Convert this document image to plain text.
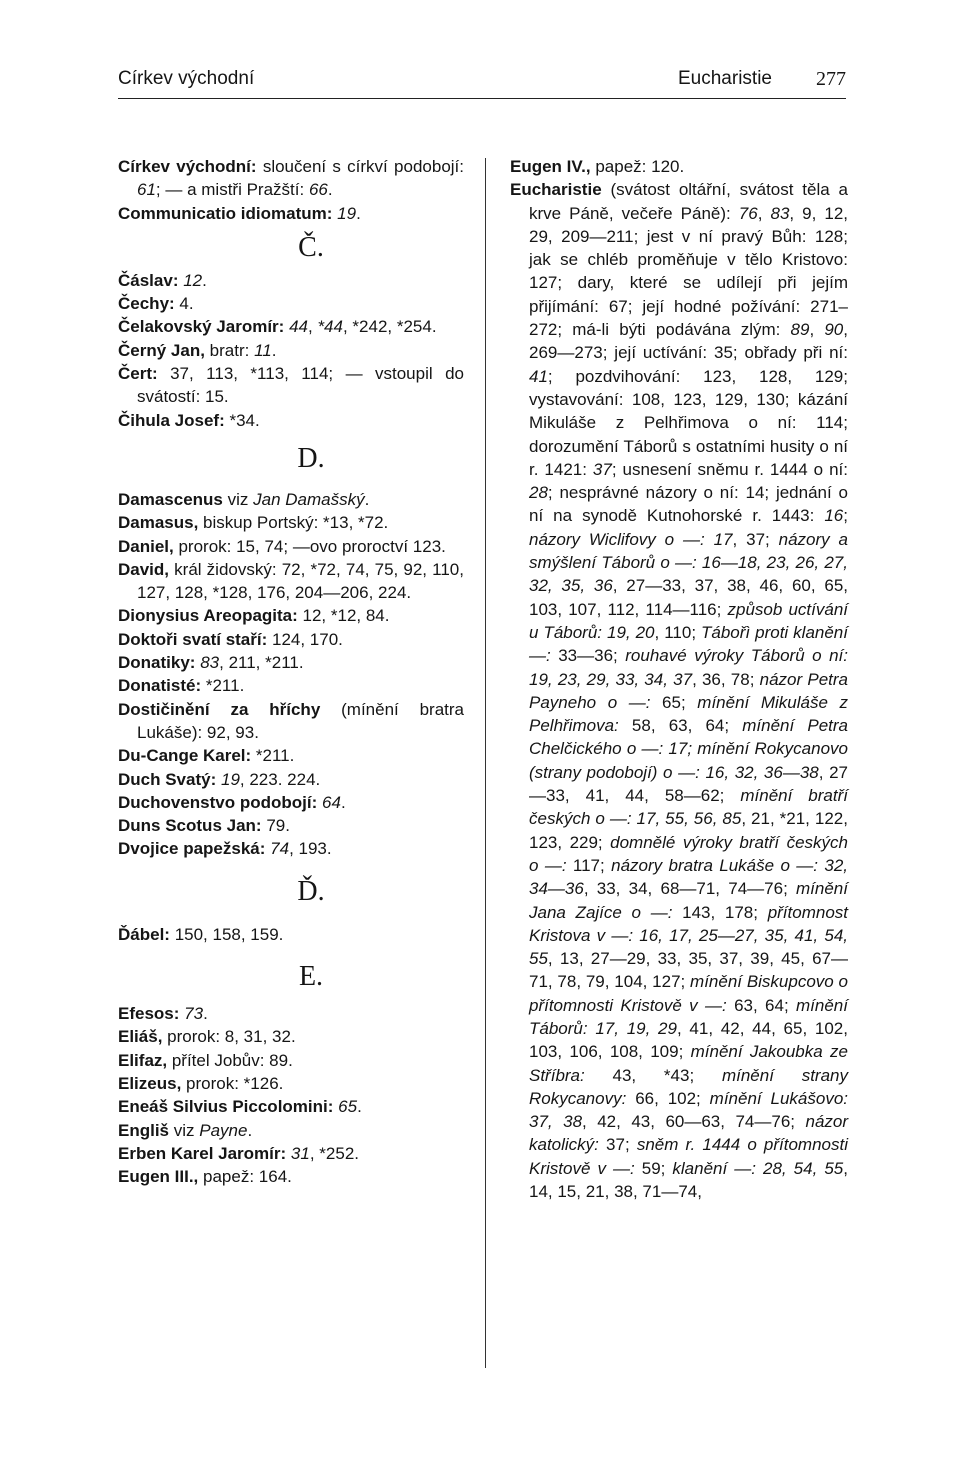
Církev východní	Eucharistie 277
Církev východní: sloučení s církví podobojí: 61; — a mistři Pražští: 66.
Communicatio idiomatum: 19.
Č.
Čáslav: 12.
Čechy: 4.
Čelakovský Jaromír: 44, *44, *242, *254.
Černý Jan, bratr: 11.
Čert: 37, 113, *113, 114; — vstoupil do svátostí: 15.
Čihula Josef: *34.
D.
Damascenus viz Jan Damašský.
Damasus, biskup Portský: *13, *72.
Daniel, prorok: 15, 74; —ovo proroctví 123.
David, král židovský: 72, *72, 74, 75, 92, 110, 127, 128, *128, 176, 204—206, 224.
Dionysius Areopagita: 12, *12, 84.
Doktoři svatí staří: 124, 170.
Donatiky: 83, 211, *211.
Donatisté: *211.
Dostičinění za hříchy (mínění bratra Lukáše): 92, 93.
Du-Cange Karel: *211.
Duch Svatý: 19, 223. 224.
Duchovenstvo podobojí: 64.
Duns Scotus Jan: 79.
Dvojice papežská: 74, 193.
Ď.
Ďábel: 150, 158, 159.
E.
Efesos: 73.
Eliáš, prorok: 8, 31, 32.
Elifaz, přítel Jobův: 89.
Elizeus, prorok: *126.
Eneáš Silvius Piccolomini: 65.
Engliš viz Payne.
Erben Karel Jaromír: 31, *252.
Eugen III., papež: 164.
Eugen IV., papež: 120.
Eucharistie (svátost oltářní, svátost těla a krve Páně, večeře Páně): 76, 83, 9, 12, 29, 209—211; jest v ní pravý Bůh: 128; jak se chléb proměňuje v tělo Kristovo: 127; dary, které se udílejí při jejím přijímání: 67; její hodné požívání: 271–272; má-li býti podávána zlým: 89, 90, 269—273; její uctívání: 35; obřady při ní: 41; pozdvihování: 123, 128, 129; vystavování: 108, 123, 129, 130; kázání Mikuláše z Pelhřimova o ní: 114; dorozumění Táborů s ostatními husity o ní r. 1421: 37; usnesení sněmu r. 1444 o ní: 28; nesprávné názory o ní: 14; jednání o ní na synodě Kutnohorské r. 1443: 16; názory Wiclifovy o —: 17, 37; názory a smýšlení Táborů o —: 16—18, 23, 26, 27, 32, 35, 36, 27—33, 37, 38, 46, 60, 65, 103, 107, 112, 114—116; způsob uctívání u Táborů: 19, 20, 110; Tábořì proti klanění —: 33—36; rouhavé výroky Táborů o ní: 19, 23, 29, 33, 34, 37, 36, 78; názor Petra Payneho o —: 65; mínění Mikuláše z Pelhřimova: 58, 63, 64; mínění Petra Chelčického o —: 17; mínění Rokycanovo (strany podobojí) o —: 16, 32, 36—38, 27—33, 41, 44, 58—62; mínění bratří českých o —: 17, 55, 56, 85, 21, *21, 122, 123, 229; domnělé výroky bratří českých o —: 117; názory bratra Lukáše o —: 32, 34—36, 33, 34, 68—71, 74—76; mínění Jana Zajíce o —: 143, 178; přítomnost Kristova v —: 16, 17, 25—27, 35, 41, 54, 55, 13, 27—29, 33, 35, 37, 39, 45, 67—71, 78, 79, 104, 127; mínění Biskupcovo o přítomnosti Kristově v —: 63, 64; mínění Táborů: 17, 19, 29, 41, 42, 44, 65, 102, 103, 106, 108, 109; mínění Jakoubka ze Stříbra: 43, *43; mínění strany Rokycanovy: 66, 102; mínění Lukášovo: 37, 38, 42, 43, 60—63, 74—76; názor katolický: 37; sněm r. 1444 o přítomnosti Kristově v —: 59; klanění —: 28, 54, 55, 14, 15, 21, 38, 71—74,
